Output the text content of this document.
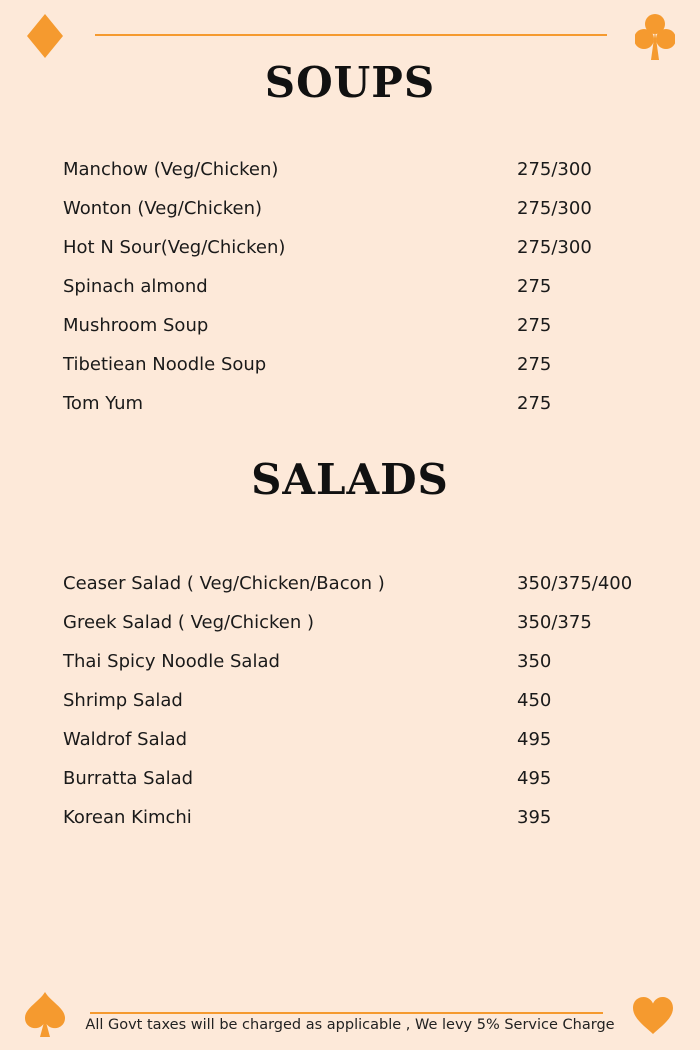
SOUPS
Manchow (Veg/Chicken)	275/300
Wonton (Veg/Chicken)	275/300
Hot N Sour(Veg/Chicken)	275/300
Spinach almond	275
Mushroom Soup	275
Tibetiean Noodle Soup	275
Tom Yum	275
SALADS
Ceaser Salad ( Veg/Chicken/Bacon )	350/375/400
Greek Salad ( Veg/Chicken )	350/375
Thai Spicy Noodle Salad	350
Shrimp Salad	450
Waldrof Salad	495
Burratta Salad	495
Korean Kimchi	395
All Govt taxes will be charged as applicable , We levy 5% Service Charge
